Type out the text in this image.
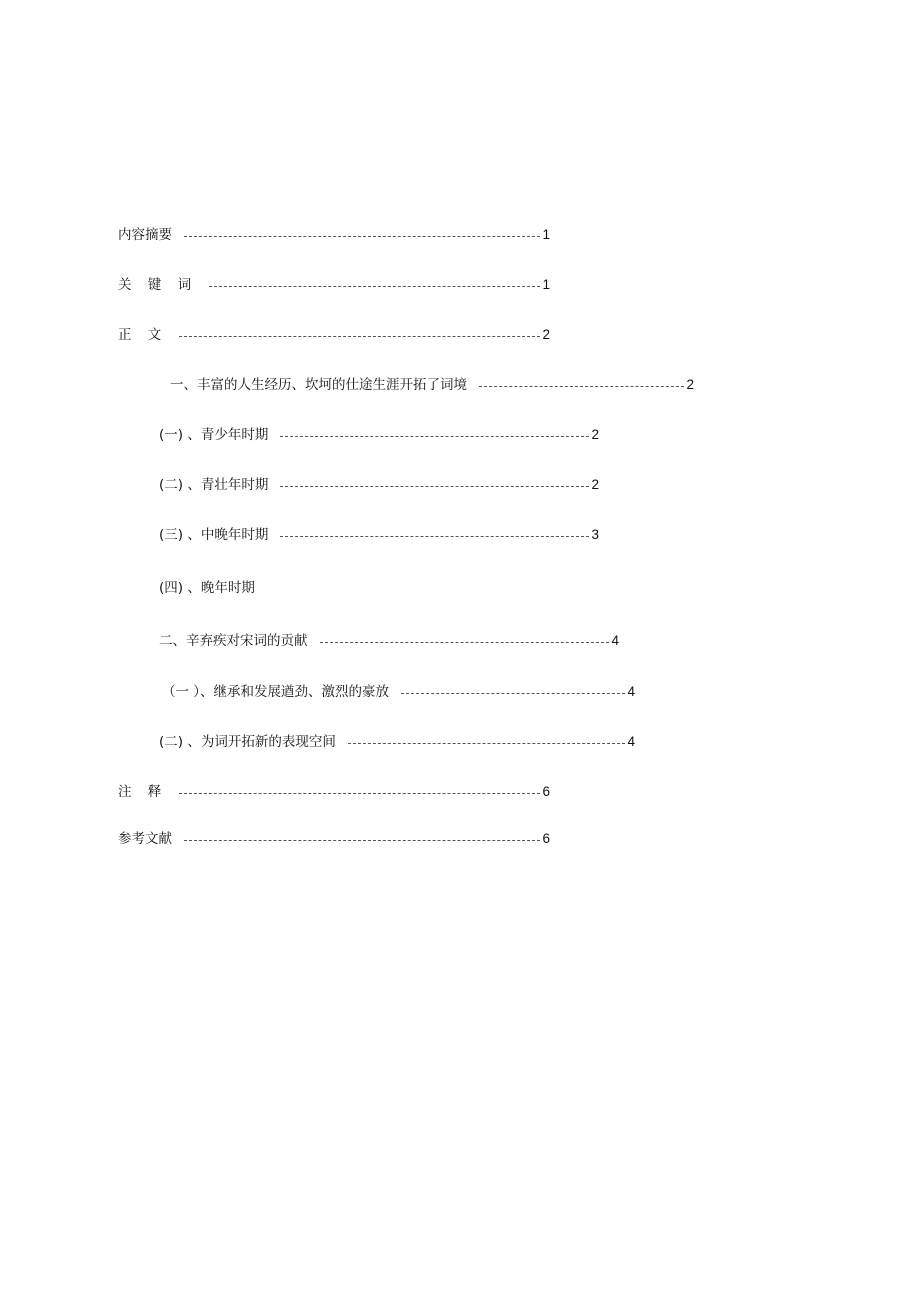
内容摘要	1
关 键 词	1
正 文	2
一、丰富的人生经历、坎坷的仕途生涯开拓了词境	2
(一) 、青少年时期	2
(二) 、青壮年时期	2
(三) 、中晚年时期	3
(四) 、晚年时期
二、辛弃疾对宋词的贡献	4
（一 ）、继承和发展遒劲、激烈的豪放	4
(二) 、为词开拓新的表现空间	4
注 释	6
参考文献	6
